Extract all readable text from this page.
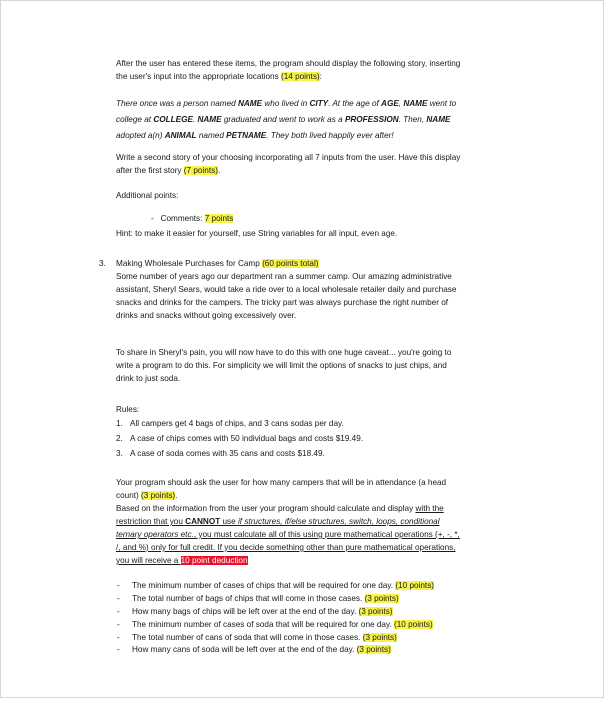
After the user has entered these items, the program should display the following story, inserting
the user's input into the appropriate locations (14 points):
There once was a person named NAME who lived in CITY. At the age of AGE, NAME went to
college at COLLEGE. NAME graduated and went to work as a PROFESSION. Then, NAME
adopted a(n) ANIMAL named PETNAME. They both lived happily ever after!
Write a second story of your choosing incorporating all 7 inputs from the user. Have this display
after the first story (7 points).
Additional points:
- Comments: 7 points
Hint: to make it easier for yourself, use String variables for all input, even age.
3. Making Wholesale Purchases for Camp (60 points total)
Some number of years ago our department ran a summer camp. Our amazing administrative
assistant, Sheryl Sears, would take a ride over to a local wholesale retailer daily and purchase
snacks and drinks for the campers. The tricky part was always purchase the right number of
drinks and snacks without going excessively over.
To share in Sheryl's pain, you will now have to do this with one huge caveat... you're going to
write a program to do this. For simplicity we will limit the options of snacks to just chips, and
drink to just soda.
Rules:
1. All campers get 4 bags of chips, and 3 cans sodas per day.
2. A case of chips comes with 50 individual bags and costs $19.49.
3. A case of soda comes with 35 cans and costs $18.49.
Your program should ask the user for how many campers that will be in attendance (a head
count) (3 points).
Based on the information from the user your program should calculate and display with the
restriction that you CANNOT use if structures, if/else structures, switch, loops, conditional
ternary operators etc., you must calculate all of this using pure mathematical operations (+, -, *,
/, and %) only for full credit. If you decide something other than pure mathematical operations,
you will receive a 10 point deduction
- The minimum number of cases of chips that will be required for one day. (10 points)
- The total number of bags of chips that will come in those cases. (3 points)
- How many bags of chips will be left over at the end of the day. (3 points)
- The minimum number of cases of soda that will be required for one day. (10 points)
- The total number of cans of soda that will come in those cases. (3 points)
- How many cans of soda will be left over at the end of the day. (3 points)
